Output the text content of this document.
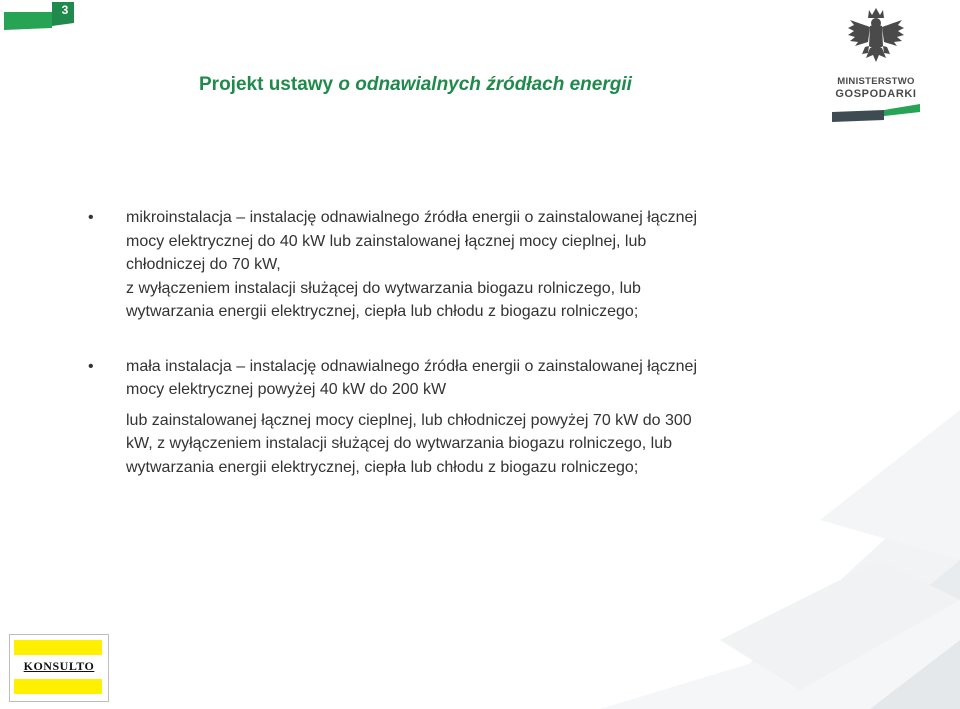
3
Projekt ustawy o odnawialnych źródłach energii	MINISTERSTWO
GOSPODARKI
• mikroinstalacja – instalację odnawialnego źródła energii o zainstalowanej łącznej

mocy elektrycznej do 40 kW lub zainstalowanej łącznej mocy cieplnej, lub

chłodniczej do 70 kW,

z wyłączeniem instalacji służącej do wytwarzania biogazu rolniczego, lub

wytwarzania energii elektrycznej, ciepła lub chłodu z biogazu rolniczego;

• mała instalacja – instalację odnawialnego źródła energii o zainstalowanej łącznej

mocy elektrycznej powyżej 40 kW do 200 kW

lub zainstalowanej łącznej mocy cieplnej, lub chłodniczej powyżej 70 kW do 300

kW, z wyłączeniem instalacji służącej do wytwarzania biogazu rolniczego, lub

wytwarzania energii elektrycznej, ciepła lub chłodu z biogazu rolniczego;

KONSULTO
